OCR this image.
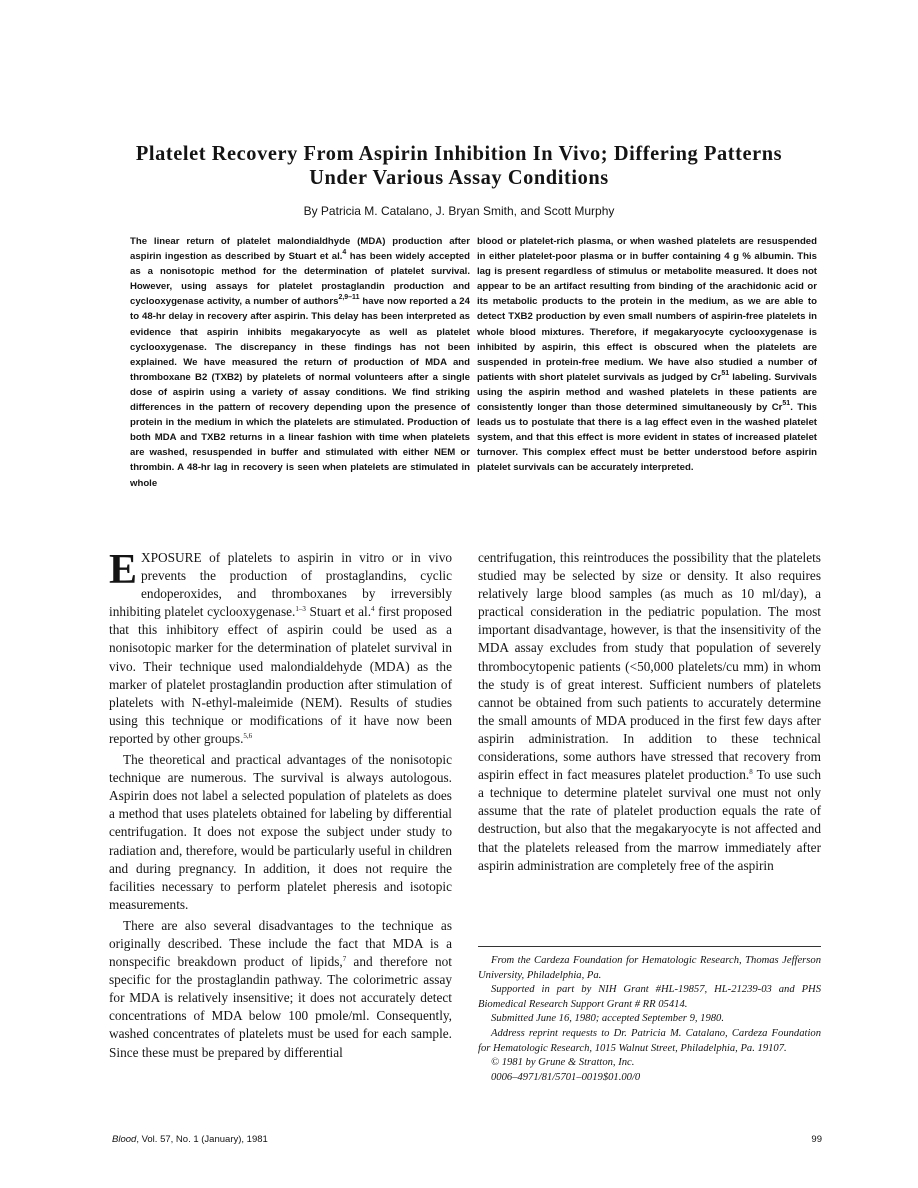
Platelet Recovery From Aspirin Inhibition In Vivo; Differing Patterns
Under Various Assay Conditions
By Patricia M. Catalano, J. Bryan Smith, and Scott Murphy

The linear return of platelet malondialdhyde (MDA) production after aspirin ingestion as described by Stuart et al.$^4$ has been widely accepted as a nonisotopic method for the determination of platelet survival. However, using assays for platelet prostaglandin production and cyclooxygenase activity, a number of authors$^{2,9-11}$ have now reported a 24 to 48-hr delay in recovery after aspirin. This delay has been interpreted as evidence that aspirin inhibits megakaryocyte as well as platelet cyclooxygenase. The discrepancy in these findings has not been explained. We have measured the return of production of MDA and thromboxane B2 (TXB2) by platelets of normal volunteers after a single dose of aspirin using a variety of assay conditions. We find striking differences in the pattern of recovery depending upon the presence of protein in the medium in which the platelets are stimulated. Production of both MDA and TXB2 returns in a linear fashion with time when platelets are washed, resuspended in buffer and stimulated with either NEM or thrombin. A 48-hr lag in recovery is seen when platelets are stimulated in whole

blood or platelet-rich plasma, or when washed platelets are resuspended in either platelet-poor plasma or in buffer containing 4 g % albumin. This lag is present regardless of stimulus or metabolite measured. It does not appear to be an artifact resulting from binding of the arachidonic acid or its metabolic products to the protein in the medium, as we are able to detect TXB2 production by even small numbers of aspirin-free platelets in whole blood mixtures. Therefore, if megakaryocyte cyclooxygenase is inhibited by aspirin, this effect is obscured when the platelets are suspended in protein-free medium. We have also studied a number of patients with short platelet survivals as judged by Cr$^{51}$ labeling. Survivals using the aspirin method and washed platelets in these patients are consistently longer than those determined simultaneously by Cr$^{51}$. This leads us to postulate that there is a lag effect even in the washed platelet system, and that this effect is more evident in states of increased platelet turnover. This complex effect must be better understood before aspirin platelet survivals can be accurately interpreted.

EXPOSURE of platelets to aspirin in vitro or in vivo prevents the production of prostaglandins, cyclic endoperoxides, and thromboxanes by irreversibly inhibiting platelet cyclooxygenase.$^{1-3}$ Stuart et al.$^4$ first proposed that this inhibitory effect of aspirin could be used as a nonisotopic marker for the determination of platelet survival in vivo. Their technique used malondialdehyde (MDA) as the marker of platelet prostaglandin production after stimulation of platelets with N-ethyl-maleimide (NEM). Results of studies using this technique or modifications of it have now been reported by other groups.$^{5,6}$

The theoretical and practical advantages of the nonisotopic technique are numerous. The survival is always autologous. Aspirin does not label a selected population of platelets as does a method that uses platelets obtained for labeling by differential centrifugation. It does not expose the subject under study to radiation and, therefore, would be particularly useful in children and during pregnancy. In addition, it does not require the facilities necessary to perform platelet pheresis and isotopic measurements.

There are also several disadvantages to the technique as originally described. These include the fact that MDA is a nonspecific breakdown product of lipids,$^7$ and therefore not specific for the prostaglandin pathway. The colorimetric assay for MDA is relatively insensitive; it does not accurately detect concentrations of MDA below 100 pmole/ml. Consequently, washed concentrates of platelets must be used for each sample. Since these must be prepared by differential

centrifugation, this reintroduces the possibility that the platelets studied may be selected by size or density. It also requires relatively large blood samples (as much as 10 ml/day), a practical consideration in the pediatric population. The most important disadvantage, however, is that the insensitivity of the MDA assay excludes from study that population of severely thrombocytopenic patients (<50,000 platelets/cu mm) in whom the study is of great interest. Sufficient numbers of platelets cannot be obtained from such patients to accurately determine the small amounts of MDA produced in the first few days after aspirin administration. In addition to these technical considerations, some authors have stressed that recovery from aspirin effect in fact measures platelet production.$^8$ To use such a technique to determine platelet survival one must not only assume that the rate of platelet production equals the rate of destruction, but also that the megakaryocyte is not affected and that the platelets released from the marrow immediately after aspirin administration are completely free of the aspirin

From the Cardeza Foundation for Hematologic Research, Thomas Jefferson University, Philadelphia, Pa.

Supported in part by NIH Grant #HL-19857, HL-21239-03 and PHS Biomedical Research Support Grant # RR 05414.

Submitted June 16, 1980; accepted September 9, 1980.

Address reprint requests to Dr. Patricia M. Catalano, Cardeza Foundation for Hematologic Research, 1015 Walnut Street, Philadelphia, Pa. 19107.

© 1981 by Grune & Stratton, Inc.

0006–4971/81/5701–0019$01.00/0

Blood, Vol. 57, No. 1 (January), 1981	99
